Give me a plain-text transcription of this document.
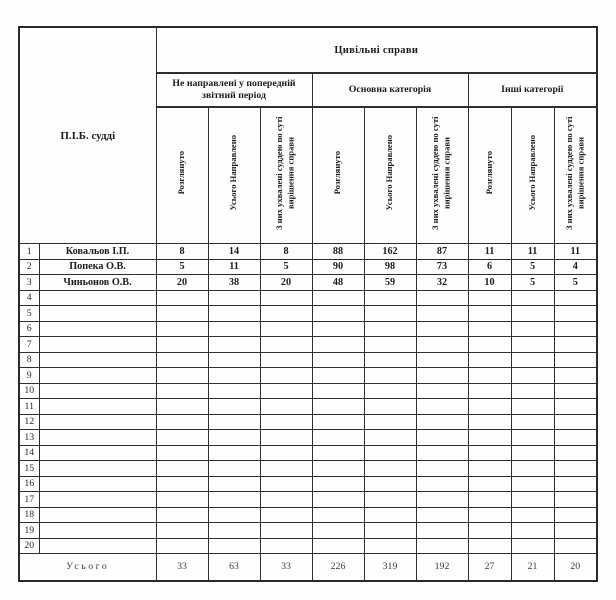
П.І.Б. судді		Цивільні справи								
		Не направлені у попередній звітний період			Основна категорія			Інші категорії		
		Розглянуто	Усього Направлено	З них ухвалені суддею по суті вирішення справи	Розглянуто	Усього Направлено	З них ухвалені суддею по суті вирішення справи	Розглянуто	Усього Направлено	З них ухвалені суддею по суті вирішення справи
1	Ковальов І.П.	8	14	8	88	162	87	11	11	11
2	Попека О.В.	5	11	5	90	98	73	6	5	4
3	Чиньонов О.В.	20	38	20	48	59	32	10	5	5
4										
5										
6										
7										
8										
9										
10										
11										
12										
13										
14										
15										
16										
17										
18										
19										
20										
Усього		33	63	33	226	319	192	27	21	20
